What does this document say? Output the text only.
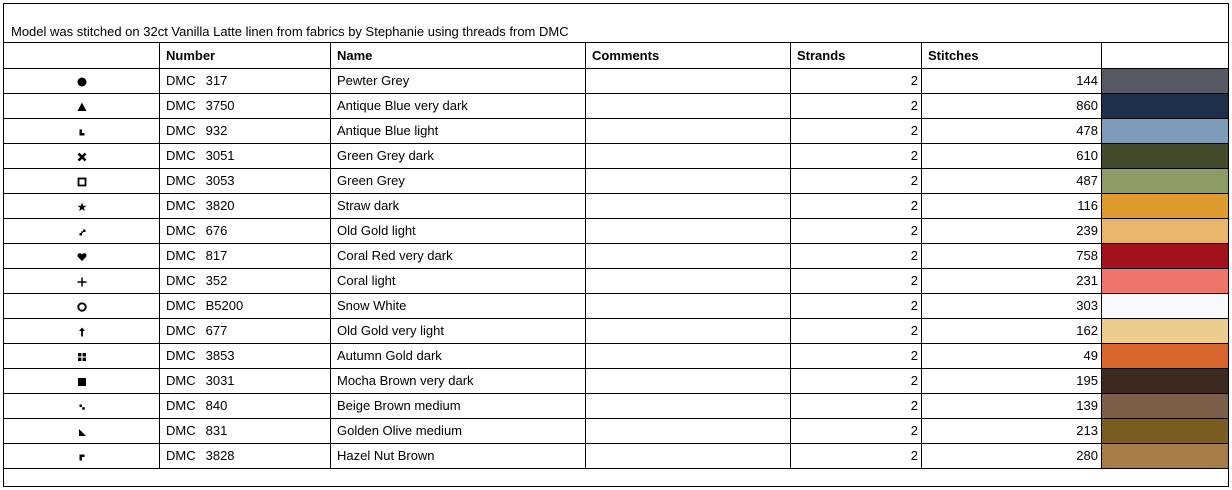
Model was stitched on 32ct Vanilla Latte linen from fabrics by Stephanie using threads from DMC
	Number	Name	Comments	Strands	Stitches	

	DMC 317	Pewter Grey		2	144	

	DMC 3750	Antique Blue very dark		2	860	

	DMC 932	Antique Blue light		2	478	

	DMC 3051	Green Grey dark		2	610	

	DMC 3053	Green Grey		2	487	

	DMC 3820	Straw dark		2	116	

	DMC 676	Old Gold light		2	239	

	DMC 817	Coral Red very dark		2	758	

	DMC 352	Coral light		2	231	

	DMC B5200	Snow White		2	303	

	DMC 677	Old Gold very light		2	162	

	DMC 3853	Autumn Gold dark		2	49	

	DMC 3031	Mocha Brown very dark		2	195	

	DMC 840	Beige Brown medium		2	139	

	DMC 831	Golden Olive medium		2	213	

	DMC 3828	Hazel Nut Brown		2	280	
